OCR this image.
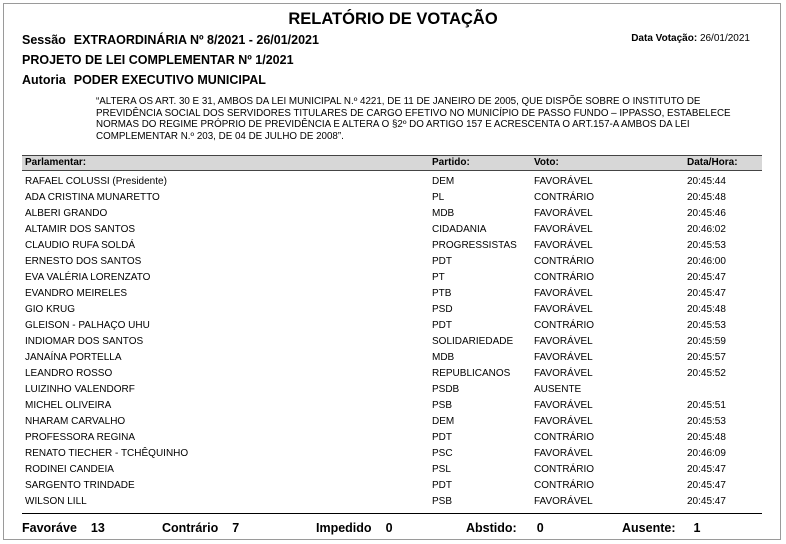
RELATÓRIO DE VOTAÇÃO
Sessão EXTRAORDINÁRIA Nº 8/2021 - 26/01/2021	Data Votação: 26/01/2021
PROJETO DE LEI COMPLEMENTAR Nº 1/2021
Autoria PODER EXECUTIVO MUNICIPAL
“ALTERA OS ART. 30 E 31, AMBOS DA LEI MUNICIPAL N.º 4221, DE 11 DE JANEIRO DE 2005, QUE DISPÕE SOBRE O INSTITUTO DE PREVIDÊNCIA SOCIAL DOS SERVIDORES TITULARES DE CARGO EFETIVO NO MUNICÍPIO DE PASSO FUNDO – IPPASSO, ESTABELECE NORMAS DO REGIME PRÓPRIO DE PREVIDÊNCIA E ALTERA O §2º DO ARTIGO 157 E ACRESCENTA O ART.157-A AMBOS DA LEI COMPLEMENTAR N.º 203, DE 04 DE JULHO DE 2008”.
Parlamentar:	Partido:	Voto:	Data/Hora:
RAFAEL COLUSSI (Presidente)	DEM	FAVORÁVEL	20:45:44
ADA CRISTINA MUNARETTO	PL	CONTRÁRIO	20:45:48
ALBERI GRANDO	MDB	FAVORÁVEL	20:45:46
ALTAMIR DOS SANTOS	CIDADANIA	FAVORÁVEL	20:46:02
CLAUDIO RUFA SOLDÁ	PROGRESSISTAS FAVORÁVEL	20:45:53
ERNESTO DOS SANTOS	PDT	CONTRÁRIO	20:46:00
EVA VALÉRIA LORENZATO	PT	CONTRÁRIO	20:45:47
EVANDRO MEIRELES	PTB	FAVORÁVEL	20:45:47
GIO KRUG	PSD	FAVORÁVEL	20:45:48
GLEISON - PALHAÇO UHU	PDT	CONTRÁRIO	20:45:53
INDIOMAR DOS SANTOS	SOLIDARIEDADE FAVORÁVEL	20:45:59
JANAÍNA PORTELLA	MDB	FAVORÁVEL	20:45:57
LEANDRO ROSSO	REPUBLICANOS FAVORÁVEL	20:45:52
LUIZINHO VALENDORF	PSDB	AUSENTE
MICHEL OLIVEIRA	PSB	FAVORÁVEL	20:45:51
NHARAM CARVALHO	DEM	FAVORÁVEL	20:45:53
PROFESSORA REGINA	PDT	CONTRÁRIO	20:45:48
RENATO TIECHER - TCHÊQUINHO	PSC	FAVORÁVEL	20:46:09
RODINEI CANDEIA	PSL	CONTRÁRIO	20:45:47
SARGENTO TRINDADE	PDT	CONTRÁRIO	20:45:47
WILSON LILL	PSB	FAVORÁVEL	20:45:47
Favoráve 13	Contrário 7	Impedido 0	Abstido: 0	Ausente: 1
